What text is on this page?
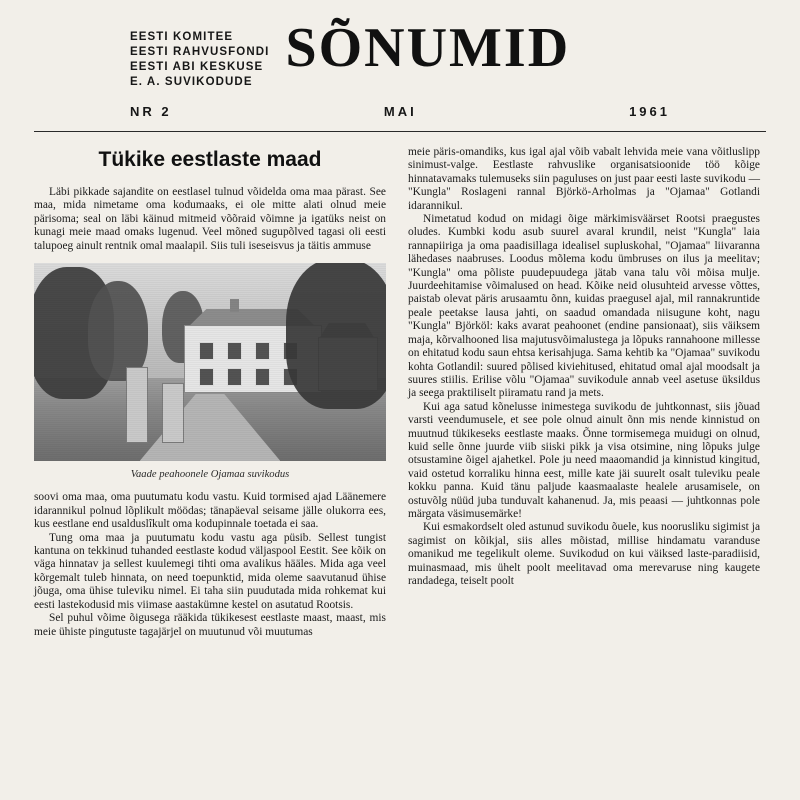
EESTI KOMITEE
EESTI RAHVUSFONDI
EESTI ABI KESKUSE
E. A. SUVIKODUDE
SÕNUMID
NR 2	MAI	1961
Tükike eestlaste maad

Läbi pikkade sajandite on eestlasel tulnud võidelda oma maa pärast. See maa, mida nimetame oma kodumaaks, ei ole mitte alati olnud meie pärisoma; seal on läbi käinud mitmeid võõraid võimne ja igatüks neist on kunagi meie maad omaks lugenud. Veel mõned sugupõlved tagasi oli eesti talupoeg ainult rentnik omal maalapil. Siis tuli iseseisvus ja täitis ammuse

Vaade peahoonele Ojamaa suvikodus

soovi oma maa, oma puutumatu kodu vastu. Kuid tormised ajad Läänemere idarannikul polnud lõplikult möödas; tänapäeval seisame jälle olukorra ees, kus eestlane end usalduslîkult oma kodupinnale toetada ei saa.

Tung oma maa ja puutumatu kodu vastu aga püsib. Sellest tungist kantuna on tekkinud tuhanded eestlaste kodud väljaspool Eestit. See kõik on väga hinnatav ja sellest kuulemegi tihti oma avalikus hääles. Mida aga veel kõrgemalt tuleb hinnata, on need toepunktid, mida oleme saavutanud ühise jõuga, oma ühise tuleviku nimel. Ei taha siin puudutada mida rohkemat kui eesti lastekodusid mis viimase aastakümne kestel on asutatud Rootsis.

Sel puhul võime õigusega rääkida tükikesest eestlaste maast, maast, mis meie ühiste pingutuste tagajärjel on muutunud või muutumas

meie päris-omandiks, kus igal ajal võib vabalt lehvida meie vana võitluslipp sinimust-valge. Eestlaste rahvuslike organisatsioonide töö kõige hinnatavamaks tulemuseks siin paguluses on just paar eesti laste suvikodu — "Kungla" Roslageni rannal Björkö-Arholmas ja "Ojamaa" Gotlandi idarannikul.

Nimetatud kodud on midagi õige märkimisväärset Rootsi praegustes oludes. Kumbki kodu asub suurel avaral krundil, neist "Kungla" laia rannapiiriga ja oma paadisillaga idealisel supluskohal, "Ojamaa" liivaranna lähedases naabruses. Loodus mõlema kodu ümbruses on ilus ja meelitav; "Kungla" oma põliste puudepuudega jätab vana talu või mõisa mulje. Juurdeehitamise võimalused on head. Kõike neid olusuhteid arvesse võttes, paistab olevat päris arusaamtu õnn, kuidas praegusel ajal, mil rannakruntide peale peetakse lausa jahti, on saadud omandada niisugune koht, nagu "Kungla" Björköl: kaks avarat peahoonet (endine pansionaat), siis väiksem maja, kõrvalhooned lisa majutusvõimalustega ja lõpuks rannahoone millesse on ehitatud kodu saun ehtsa kerisahjuga. Sama kehtib ka "Ojamaa" suvikodu kohta Gotlandil: suured põlised kiviehitused, ehitatud omal ajal moodsalt ja suures stiilis. Erilise võlu "Ojamaa" suvikodule annab veel asetuse üksildus ja seega praktiliselt piiramatu rand ja mets.

Kui aga satud kõnelusse inimestega suvikodu de juhtkonnast, siis jõuad varsti veendumusele, et see pole olnud ainult õnn mis nende kinnistud on muutnud tükikeseks eestlaste maaks. Õnne tormisemega muidugi on olnud, kuid selle õnne juurde viib siiski pikk ja visa otsimine, ning lõpuks julge otsustamine õigel ajahetkel. Pole ju need maaomandid ja kinnistud kingitud, vaid ostetud korraliku hinna eest, mille kate jäi suurelt osalt tuleviku peale kokku panna. Kuid tänu paljude kaasmaalaste healele arusamisele, on ostuvõlg nüüd juba tunduvalt kahanenud. Ja, mis peaasi — juhtkonnas pole märgata väsimusemärke!

Kui esmakordselt oled astunud suvikodu õuele, kus noorusliku sigimist ja sagimist on kõikjal, siis alles mõistad, millise hindamatu varanduse omanikud me tegelikult oleme. Suvikodud on kui väiksed laste-paradiisid, muinasmaad, mis ühelt poolt meelitavad oma merevaruse ning kaugete randadega, teiselt poolt
